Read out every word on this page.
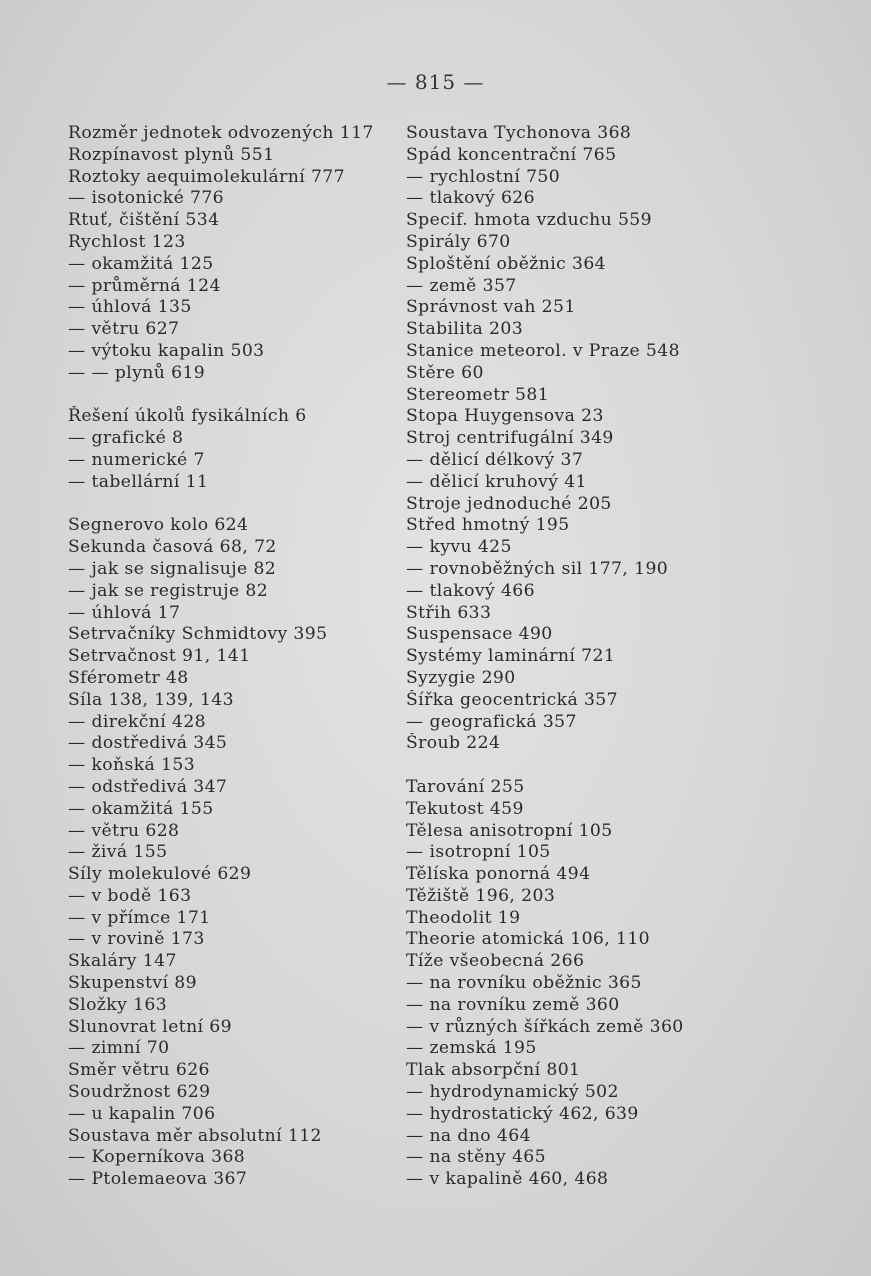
— 815 —
Rozměr jednotek odvozených 117
Rozpínavost plynů 551
Roztoky aequimolekulární 777
— isotonické 776
Rtuť, čištění 534
Rychlost 123
— okamžitá 125
— průměrná 124
— úhlová 135
— větru 627
— výtoku kapalin 503
— — plynů 619
Řešení úkolů fysikálních 6
— grafické 8
— numerické 7
— tabellární 11
Segnerovo kolo 624
Sekunda časová 68, 72
— jak se signalisuje 82
— jak se registruje 82
— úhlová 17
Setrvačníky Schmidtovy 395
Setrvačnost 91, 141
Sférometr 48
Síla 138, 139, 143
— direkční 428
— dostředivá 345
— koňská 153
— odstředivá 347
— okamžitá 155
— větru 628
— živá 155
Síly molekulové 629
— v bodě 163
— v přímce 171
— v rovině 173
Skaláry 147
Skupenství 89
Složky 163
Slunovrat letní 69
— zimní 70
Směr větru 626
Soudržnost 629
— u kapalin 706
Soustava měr absolutní 112
— Koperníkova 368
— Ptolemaeova 367
Soustava Tychonova 368
Spád koncentrační 765
— rychlostní 750
— tlakový 626
Specif. hmota vzduchu 559
Spirály 670
Sploštění oběžnic 364
— země 357
Správnost vah 251
Stabilita 203
Stanice meteorol. v Praze 548
Stěre 60
Stereometr 581
Stopa Huygensova 23
Stroj centrifugální 349
— dělicí délkový 37
— dělicí kruhový 41
Stroje jednoduché 205
Střed hmotný 195
— kyvu 425
— rovnoběžných sil 177, 190
— tlakový 466
Střih 633
Suspensace 490
Systémy laminární 721
Syzygie 290
Šířka geocentrická 357
— geografická 357
Šroub 224
Tarování 255
Tekutost 459
Tělesa anisotropní 105
— isotropní 105
Tělíska ponorná 494
Těžiště 196, 203
Theodolit 19
Theorie atomická 106, 110
Tíže všeobecná 266
— na rovníku oběžnic 365
— na rovníku země 360
— v různých šířkách země 360
— zemská 195
Tlak absorpční 801
— hydrodynamický 502
— hydrostatický 462, 639
— na dno 464
— na stěny 465
— v kapalině 460, 468
